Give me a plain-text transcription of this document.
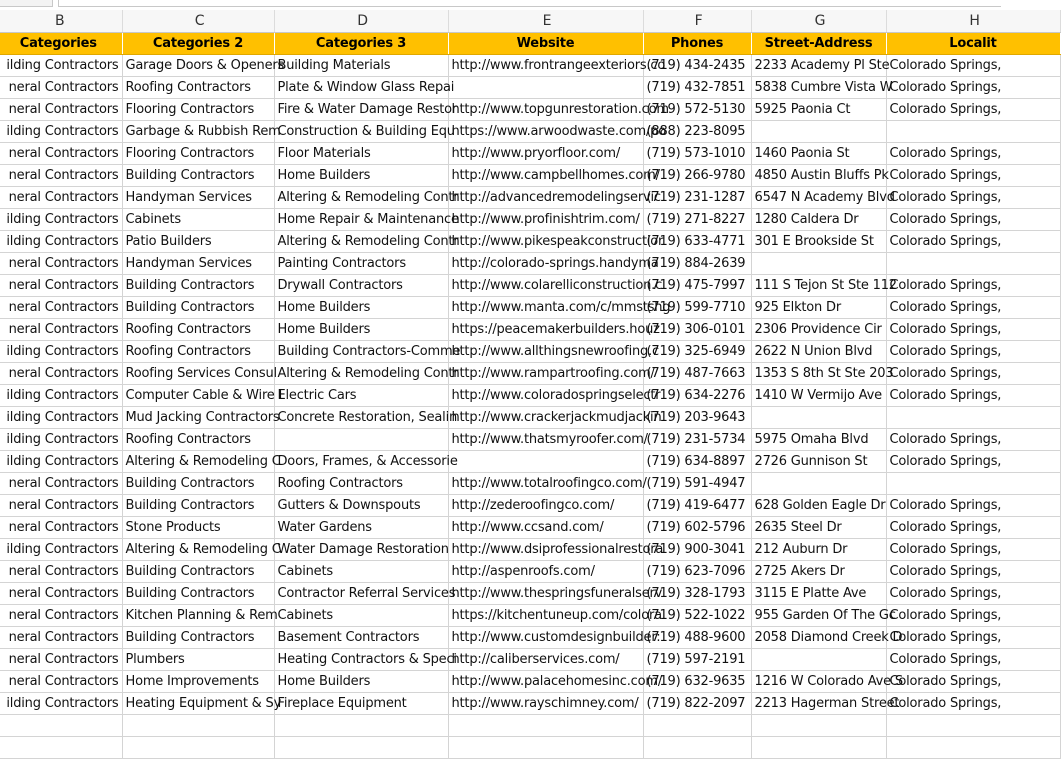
B	C	D	E	F	G	H
Categories	Categories 2	Categories 3	Website	Phones	Street-Address	Localit
ilding Contractors	Garage Doors & Openers	Building Materials	http://www.frontrangeexteriors.co	(719) 434-2435	2233 Academy Pl Ste	Colorado Springs,
neral Contractors	Roofing Contractors	Plate & Window Glass Repai		(719) 432-7851	5838 Cumbre Vista W	Colorado Springs,
neral Contractors	Flooring Contractors	Fire & Water Damage Restor	http://www.topgunrestoration.com	(719) 572-5130	5925 Paonia Ct	Colorado Springs,
ilding Contractors	Garbage & Rubbish Rem	Construction & Building Equ	https://www.arwoodwaste.com/po	(888) 223-8095		
neral Contractors	Flooring Contractors	Floor Materials	http://www.pryorfloor.com/	(719) 573-1010	1460 Paonia St	Colorado Springs,
neral Contractors	Building Contractors	Home Builders	http://www.campbellhomes.com/	(719) 266-9780	4850 Austin Bluffs Pk	Colorado Springs,
neral Contractors	Handyman Services	Altering & Remodeling Contr	http://advancedremodelingservic	(719) 231-1287	6547 N Academy Blvd	Colorado Springs,
ilding Contractors	Cabinets	Home Repair & Maintenance	http://www.profinishtrim.com/	(719) 271-8227	1280 Caldera Dr	Colorado Springs,
ilding Contractors	Patio Builders	Altering & Remodeling Contr	http://www.pikespeakconstructior	(719) 633-4771	301 E Brookside St	Colorado Springs,
neral Contractors	Handyman Services	Painting Contractors	http://colorado-springs.handyma	(719) 884-2639		
neral Contractors	Building Contractors	Drywall Contractors	http://www.colarelliconstruction.c	(719) 475-7997	111 S Tejon St Ste 112	Colorado Springs,
neral Contractors	Building Contractors	Home Builders	http://www.manta.com/c/mmstshg	(719) 599-7710	925 Elkton Dr	Colorado Springs,
neral Contractors	Roofing Contractors	Home Builders	https://peacemakerbuilders.houz	(719) 306-0101	2306 Providence Cir	Colorado Springs,
ilding Contractors	Roofing Contractors	Building Contractors-Comme	http://www.allthingsnewroofing.c	(719) 325-6949	2622 N Union Blvd	Colorado Springs,
neral Contractors	Roofing Services Consul	Altering & Remodeling Contr	http://www.rampartroofing.com/	(719) 487-7663	1353 S 8th St Ste 203	Colorado Springs,
ilding Contractors	Computer Cable & Wire I	Electric Cars	http://www.coloradospringselectr	(719) 634-2276	1410 W Vermijo Ave	Colorado Springs,
ilding Contractors	Mud Jacking Contractors	Concrete Restoration, Sealin	http://www.crackerjackmudjackin	(719) 203-9643		
ilding Contractors	Roofing Contractors		http://www.thatsmyroofer.com/	(719) 231-5734	5975 Omaha Blvd	Colorado Springs,
ilding Contractors	Altering & Remodeling C	Doors, Frames, & Accessorie		(719) 634-8897	2726 Gunnison St	Colorado Springs,
neral Contractors	Building Contractors	Roofing Contractors	http://www.totalroofingco.com/	(719) 591-4947		
neral Contractors	Building Contractors	Gutters & Downspouts	http://zederoofingco.com/	(719) 419-6477	628 Golden Eagle Dr	Colorado Springs,
neral Contractors	Stone Products	Water Gardens	http://www.ccsand.com/	(719) 602-5796	2635 Steel Dr	Colorado Springs,
ilding Contractors	Altering & Remodeling C	Water Damage Restoration	http://www.dsiprofessionalrestora	(719) 900-3041	212 Auburn Dr	Colorado Springs,
neral Contractors	Building Contractors	Cabinets	http://aspenroofs.com/	(719) 623-7096	2725 Akers Dr	Colorado Springs,
neral Contractors	Building Contractors	Contractor Referral Services	http://www.thespringsfuneralserv	(719) 328-1793	3115 E Platte Ave	Colorado Springs,
neral Contractors	Kitchen Planning & Rem	Cabinets	https://kitchentuneup.com/colora	(719) 522-1022	955 Garden Of The Gc	Colorado Springs,
neral Contractors	Building Contractors	Basement Contractors	http://www.customdesignbuilder:	(719) 488-9600	2058 Diamond Creek D	Colorado Springs,
neral Contractors	Plumbers	Heating Contractors & Speci	http://caliberservices.com/	(719) 597-2191		Colorado Springs,
neral Contractors	Home Improvements	Home Builders	http://www.palacehomesinc.com/	(719) 632-9635	1216 W Colorado Ave S	Colorado Springs,
ilding Contractors	Heating Equipment & Sy	Fireplace Equipment	http://www.rayschimney.com/	(719) 822-2097	2213 Hagerman Street	Colorado Springs,
